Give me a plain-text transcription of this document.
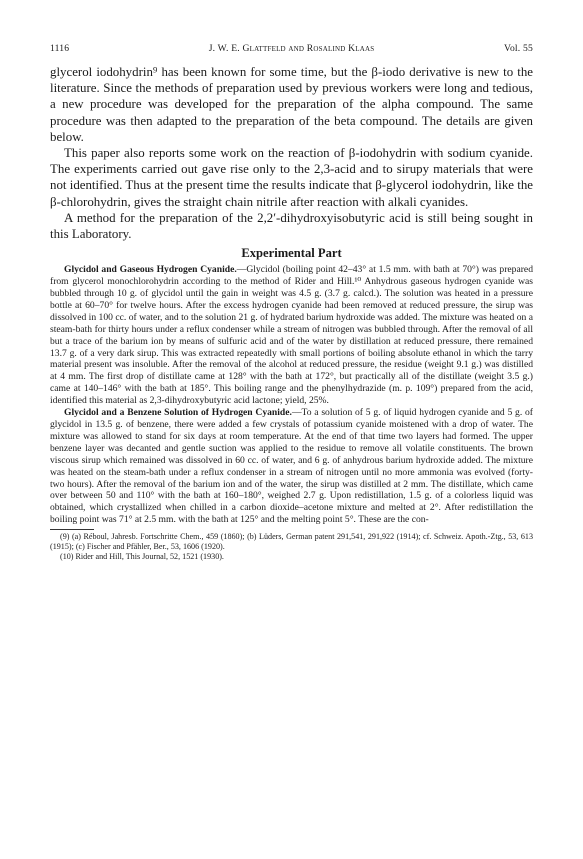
1116	J. W. E. Glattfeld and Rosalind Klaas	Vol. 55

glycerol iodohydrin⁹ has been known for some time, but the β-iodo derivative is new to the literature. Since the methods of preparation used by previous workers were long and tedious, a new procedure was developed for the preparation of the alpha compound. The same procedure was then adapted to the preparation of the beta compound. The details are given below.

This paper also reports some work on the reaction of β-iodohydrin with sodium cyanide. The experiments carried out gave rise only to the 2,3-acid and to sirupy materials that were not identified. Thus at the present time the results indicate that β-glycerol iodohydrin, like the β-chlorohydrin, gives the straight chain nitrile after reaction with alkali cyanides.

A method for the preparation of the 2,2′-dihydroxyisobutyric acid is still being sought in this Laboratory.

Experimental Part

Glycidol and Gaseous Hydrogen Cyanide.—Glycidol (boiling point 42–43° at 1.5 mm. with bath at 70°) was prepared from glycerol monochlorohydrin according to the method of Rider and Hill.¹⁰ Anhydrous gaseous hydrogen cyanide was bubbled through 10 g. of glycidol until the gain in weight was 4.5 g. (3.7 g. calcd.). The solution was heated in a pressure bottle at 60–70° for twelve hours. After the excess hydrogen cyanide had been removed at reduced pressure, the sirup was dissolved in 100 cc. of water, and to the solution 21 g. of hydrated barium hydroxide was added. The mixture was heated on a steam-bath for thirty hours under a reflux condenser while a stream of nitrogen was bubbled through. After the removal of all but a trace of the barium ion by means of sulfuric acid and of the water by distillation at reduced pressure, there remained 13.7 g. of a very dark sirup. This was extracted repeatedly with small portions of boiling absolute ethanol in which the tarry material present was insoluble. After the removal of the alcohol at reduced pressure, the residue (weight 9.1 g.) was distilled at 4 mm. The first drop of distillate came at 128° with the bath at 172°, but practically all of the distillate (weight 3.5 g.) came at 140–146° with the bath at 185°. This boiling range and the phenylhydrazide (m. p. 109°) prepared from the acid, identified this material as 2,3-dihydroxybutyric acid lactone; yield, 25%.

Glycidol and a Benzene Solution of Hydrogen Cyanide.—To a solution of 5 g. of liquid hydrogen cyanide and 5 g. of glycidol in 13.5 g. of benzene, there were added a few crystals of potassium cyanide moistened with a drop of water. The mixture was allowed to stand for six days at room temperature. At the end of that time two layers had formed. The upper benzene layer was decanted and gentle suction was applied to the residue to remove all volatile constituents. The brown viscous sirup which remained was dissolved in 60 cc. of water, and 6 g. of anhydrous barium hydroxide added. The mixture was heated on the steam-bath under a reflux condenser in a stream of nitrogen until no more ammonia was evolved (forty-two hours). After the removal of the barium ion and of the water, the sirup was distilled at 2 mm. The distillate, which came over between 50 and 110° with the bath at 160–180°, weighed 2.7 g. Upon redistillation, 1.5 g. of a colorless liquid was obtained, which crystallized when chilled in a carbon dioxide–acetone mixture and melted at 2°. After redistillation the boiling point was 71° at 2.5 mm. with the bath at 125° and the melting point 5°. These are the con-

(9) (a) Réboul, Jahresb. Fortschritte Chem., 459 (1860); (b) Lüders, German patent 291,541, 291,922 (1914); cf. Schweiz. Apoth.-Ztg., 53, 613 (1915); (c) Fischer and Pfähler, Ber., 53, 1606 (1920).

(10) Rider and Hill, This Journal, 52, 1521 (1930).
